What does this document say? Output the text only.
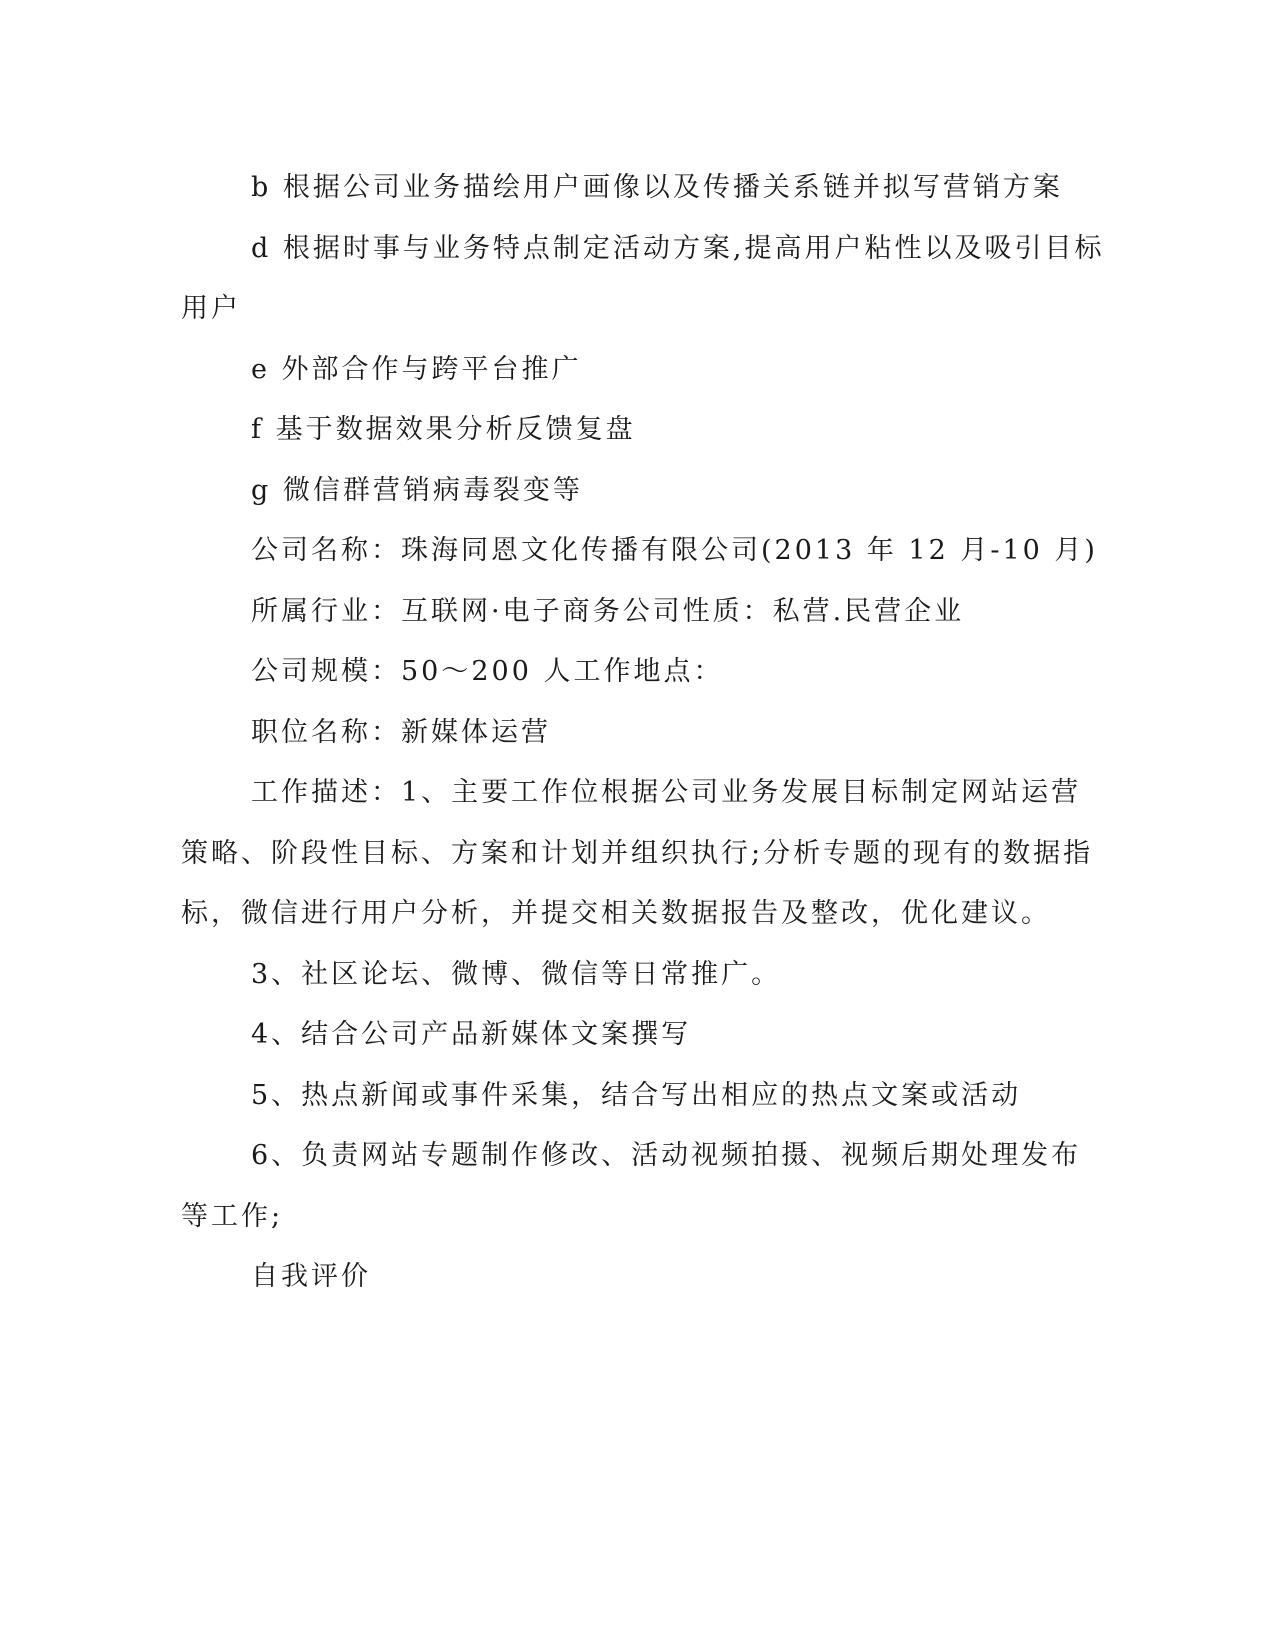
b 根据公司业务描绘用户画像以及传播关系链并拟写营销方案

d 根据时事与业务特点制定活动方案,提高用户粘性以及吸引目标

用户

e 外部合作与跨平台推广

f 基于数据效果分析反馈复盘

g 微信群营销病毒裂变等

公司名称：珠海同恩文化传播有限公司(2013 年 12 月-10 月)

所属行业：互联网·电子商务公司性质：私营.民营企业

公司规模：50～200 人工作地点：

职位名称：新媒体运营

工作描述：1、主要工作位根据公司业务发展目标制定网站运营

策略、阶段性目标、方案和计划并组织执行;分析专题的现有的数据指

标，微信进行用户分析，并提交相关数据报告及整改，优化建议。

3、社区论坛、微博、微信等日常推广。

4、结合公司产品新媒体文案撰写

5、热点新闻或事件采集，结合写出相应的热点文案或活动

6、负责网站专题制作修改、活动视频拍摄、视频后期处理发布

等工作;

自我评价
